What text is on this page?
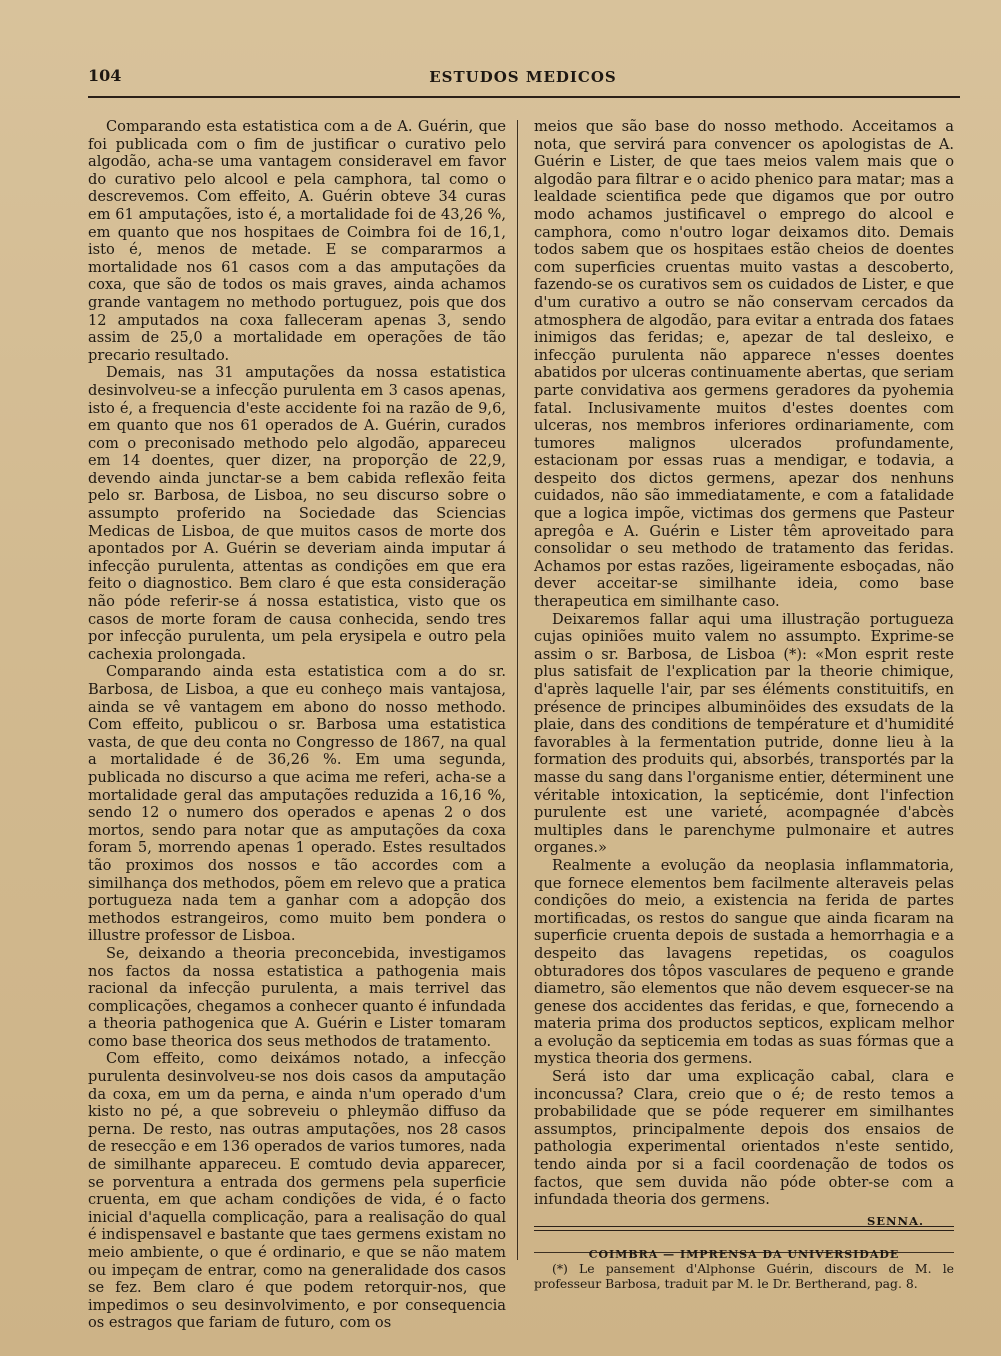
104	ESTUDOS MEDICOS

Comparando esta estatistica com a de A. Guérin, que foi publicada com o fim de justificar o curativo pelo algodão, acha-se uma vantagem consideravel em favor do curativo pelo alcool e pela camphora, tal como o descrevemos. Com effeito, A. Guérin obteve 34 curas em 61 amputações, isto é, a mortalidade foi de 43,26 %, em quanto que nos hospitaes de Coimbra foi de 16,1, isto é, menos de metade. E se compararmos a mortalidade nos 61 casos com a das amputações da coxa, que são de todos os mais graves, ainda achamos grande vantagem no methodo portuguez, pois que dos 12 amputados na coxa falleceram apenas 3, sendo assim de 25,0 a mortalidade em operações de tão precario resultado.

Demais, nas 31 amputações da nossa estatistica desinvolveu-se a infecção purulenta em 3 casos apenas, isto é, a frequencia d'este accidente foi na razão de 9,6, em quanto que nos 61 operados de A. Guérin, curados com o preconisado methodo pelo algodão, appareceu em 14 doentes, quer dizer, na proporção de 22,9, devendo ainda junctar-se a bem cabida reflexão feita pelo sr. Barbosa, de Lisboa, no seu discurso sobre o assumpto proferido na Sociedade das Sciencias Medicas de Lisboa, de que muitos casos de morte dos apontados por A. Guérin se deveriam ainda imputar á infecção purulenta, attentas as condições em que era feito o diagnostico. Bem claro é que esta consideração não póde referir-se á nossa estatistica, visto que os casos de morte foram de causa conhecida, sendo tres por infecção purulenta, um pela erysipela e outro pela cachexia prolongada.

Comparando ainda esta estatistica com a do sr. Barbosa, de Lisboa, a que eu conheço mais vantajosa, ainda se vê vantagem em abono do nosso methodo. Com effeito, publicou o sr. Barbosa uma estatistica vasta, de que deu conta no Congresso de 1867, na qual a mortalidade é de 36,26 %. Em uma segunda, publicada no discurso a que acima me referi, acha-se a mortalidade geral das amputações reduzida a 16,16 %, sendo 12 o numero dos operados e apenas 2 o dos mortos, sendo para notar que as amputações da coxa foram 5, morrendo apenas 1 operado. Estes resultados tão proximos dos nossos e tão accordes com a similhança dos methodos, põem em relevo que a pratica portugueza nada tem a ganhar com a adopção dos methodos estrangeiros, como muito bem pondera o illustre professor de Lisboa.

Se, deixando a theoria preconcebida, investigamos nos factos da nossa estatistica a pathogenia mais racional da infecção purulenta, a mais terrivel das complicações, chegamos a conhecer quanto é infundada a theoria pathogenica que A. Guérin e Lister tomaram como base theorica dos seus methodos de tratamento.

Com effeito, como deixámos notado, a infecção purulenta desinvolveu-se nos dois casos da amputação da coxa, em um da perna, e ainda n'um operado d'um kisto no pé, a que sobreveiu o phleymão diffuso da perna. De resto, nas outras amputações, nos 28 casos de resecção e em 136 operados de varios tumores, nada de similhante appareceu. E comtudo devia apparecer, se porventura a entrada dos germens pela superficie cruenta, em que acham condições de vida, é o facto inicial d'aquella complicação, para a realisação do qual é indispensavel e bastante que taes germens existam no meio ambiente, o que é ordinario, e que se não matem ou impeçam de entrar, como na generalidade dos casos se fez. Bem claro é que podem retorquir-nos, que impedimos o seu desinvolvimento, e por consequencia os estragos que fariam de futuro, com os

meios que são base do nosso methodo. Acceitamos a nota, que servirá para convencer os apologistas de A. Guérin e Lister, de que taes meios valem mais que o algodão para filtrar e o acido phenico para matar; mas a lealdade scientifica pede que digamos que por outro modo achamos justificavel o emprego do alcool e camphora, como n'outro logar deixamos dito. Demais todos sabem que os hospitaes estão cheios de doentes com superficies cruentas muito vastas a descoberto, fazendo-se os curativos sem os cuidados de Lister, e que d'um curativo a outro se não conservam cercados da atmosphera de algodão, para evitar a entrada dos fataes inimigos das feridas; e, apezar de tal desleixo, e infecção purulenta não apparece n'esses doentes abatidos por ulceras continuamente abertas, que seriam parte convidativa aos germens geradores da pyohemia fatal. Inclusivamente muitos d'estes doentes com ulceras, nos membros inferiores ordinariamente, com tumores malignos ulcerados profundamente, estacionam por essas ruas a mendigar, e todavia, a despeito dos dictos germens, apezar dos nenhuns cuidados, não são immediatamente, e com a fatalidade que a logica impõe, victimas dos germens que Pasteur apregôa e A. Guérin e Lister têm aproveitado para consolidar o seu methodo de tratamento das feridas. Achamos por estas razões, ligeiramente esboçadas, não dever acceitar-se similhante ideia, como base therapeutica em similhante caso.

Deixaremos fallar aqui uma illustração portugueza cujas opiniões muito valem no assumpto. Exprime-se assim o sr. Barbosa, de Lisboa (*): «Mon esprit reste plus satisfait de l'explication par la theorie chimique, d'après laquelle l'air, par ses éléments constituitifs, en présence de principes albuminöides des exsudats de la plaie, dans des conditions de température et d'humidité favorables à la fermentation putride, donne lieu à la formation des produits qui, absorbés, transportés par la masse du sang dans l'organisme entier, déterminent une véritable intoxication, la septicémie, dont l'infection purulente est une varieté, acompagnée d'abcès multiples dans le parenchyme pulmonaire et autres organes.»

Realmente a evolução da neoplasia inflammatoria, que fornece elementos bem facilmente alteraveis pelas condições do meio, a existencia na ferida de partes mortificadas, os restos do sangue que ainda ficaram na superficie cruenta depois de sustada a hemorrhagia e a despeito das lavagens repetidas, os coagulos obturadores dos tôpos vasculares de pequeno e grande diametro, são elementos que não devem esquecer-se na genese dos accidentes das feridas, e que, fornecendo a materia prima dos productos septicos, explicam melhor a evolução da septicemia em todas as suas fórmas que a mystica theoria dos germens.

Será isto dar uma explicação cabal, clara e inconcussa? Clara, creio que o é; de resto temos a probabilidade que se póde requerer em similhantes assumptos, principalmente depois dos ensaios de pathologia experimental orientados n'este sentido, tendo ainda por si a facil coordenação de todos os factos, que sem duvida não póde obter-se com a infundada theoria dos germens.

SENNA.

(*) Le pansement d'Alphonse Guérin, discours de M. le professeur Barbosa, traduit par M. le Dr. Bertherand, pag. 8.

COIMBRA — IMPRENSA DA UNIVERSIDADE
